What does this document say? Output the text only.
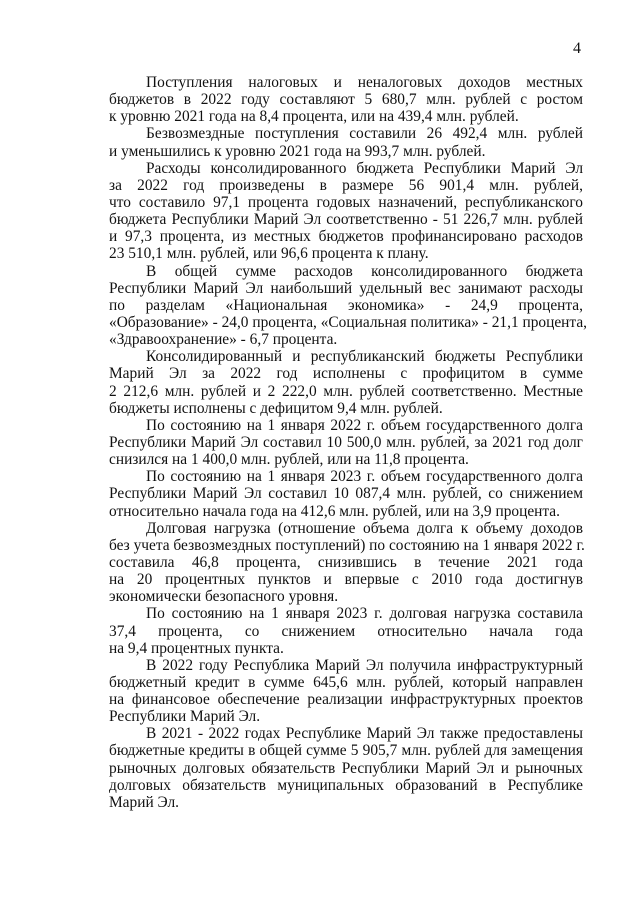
4
Поступления налоговых и неналоговых доходов местных
бюджетов в 2022 году составляют 5 680,7 млн. рублей с ростом
к уровню 2021 года на 8,4 процента, или на 439,4 млн. рублей.
Безвозмездные поступления составили 26 492,4 млн. рублей
и уменьшились к уровню 2021 года на 993,7 млн. рублей.
Расходы консолидированного бюджета Республики Марий Эл
за 2022 год произведены в размере 56 901,4 млн. рублей,
что составило 97,1 процента годовых назначений, республиканского
бюджета Республики Марий Эл соответственно - 51 226,7 млн. рублей
и 97,3 процента, из местных бюджетов профинансировано расходов
23 510,1 млн. рублей, или 96,6 процента к плану.
В общей сумме расходов консолидированного бюджета
Республики Марий Эл наибольший удельный вес занимают расходы
по разделам «Национальная экономика» - 24,9 процента,
«Образование» - 24,0 процента, «Социальная политика» - 21,1 процента,
«Здравоохранение» - 6,7 процента.
Консолидированный и республиканский бюджеты Республики
Марий Эл за 2022 год исполнены с профицитом в сумме
2 212,6 млн. рублей и 2 222,0 млн. рублей соответственно. Местные
бюджеты исполнены с дефицитом 9,4 млн. рублей.
По состоянию на 1 января 2022 г. объем государственного долга
Республики Марий Эл составил 10 500,0 млн. рублей, за 2021 год долг
снизился на 1 400,0 млн. рублей, или на 11,8 процента.
По состоянию на 1 января 2023 г. объем государственного долга
Республики Марий Эл составил 10 087,4 млн. рублей, со снижением
относительно начала года на 412,6 млн. рублей, или на 3,9 процента.
Долговая нагрузка (отношение объема долга к объему доходов
без учета безвозмездных поступлений) по состоянию на 1 января 2022 г.
составила 46,8 процента, снизившись в течение 2021 года
на 20 процентных пунктов и впервые с 2010 года достигнув
экономически безопасного уровня.
По состоянию на 1 января 2023 г. долговая нагрузка составила
37,4 процента, со снижением относительно начала года
на 9,4 процентных пункта.
В 2022 году Республика Марий Эл получила инфраструктурный
бюджетный кредит в сумме 645,6 млн. рублей, который направлен
на финансовое обеспечение реализации инфраструктурных проектов
Республики Марий Эл.
В 2021 - 2022 годах Республике Марий Эл также предоставлены
бюджетные кредиты в общей сумме 5 905,7 млн. рублей для замещения
рыночных долговых обязательств Республики Марий Эл и рыночных
долговых обязательств муниципальных образований в Республике
Марий Эл.
